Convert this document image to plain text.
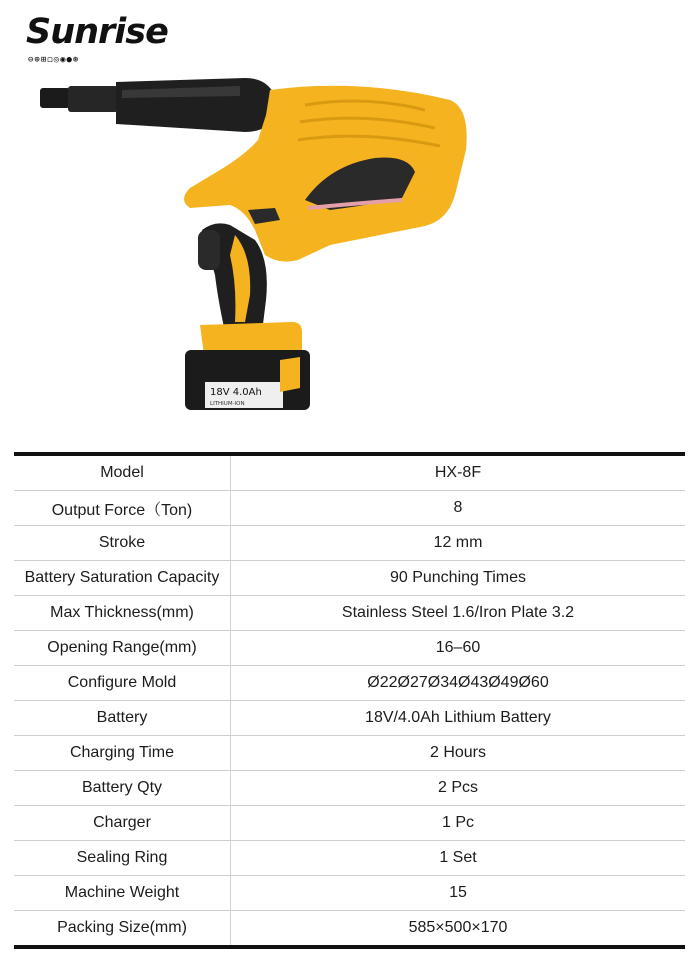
Sunrise
⊖⊕⊞◻◎◉●⊛
18V 4.0Ah
LITHIUM-ION
Model	HX-8F
Output Force（Ton)	8
Stroke	12 mm
Battery Saturation Capacity	90 Punching Times
Max Thickness(mm)	Stainless Steel 1.6/Iron Plate 3.2
Opening Range(mm)	16–60
Configure Mold	Ø22Ø27Ø34Ø43Ø49Ø60
Battery	18V/4.0Ah Lithium Battery
Charging Time	2 Hours
Battery Qty	2 Pcs
Charger	1 Pc
Sealing Ring	1 Set
Machine Weight	15
Packing Size(mm)	585×500×170
